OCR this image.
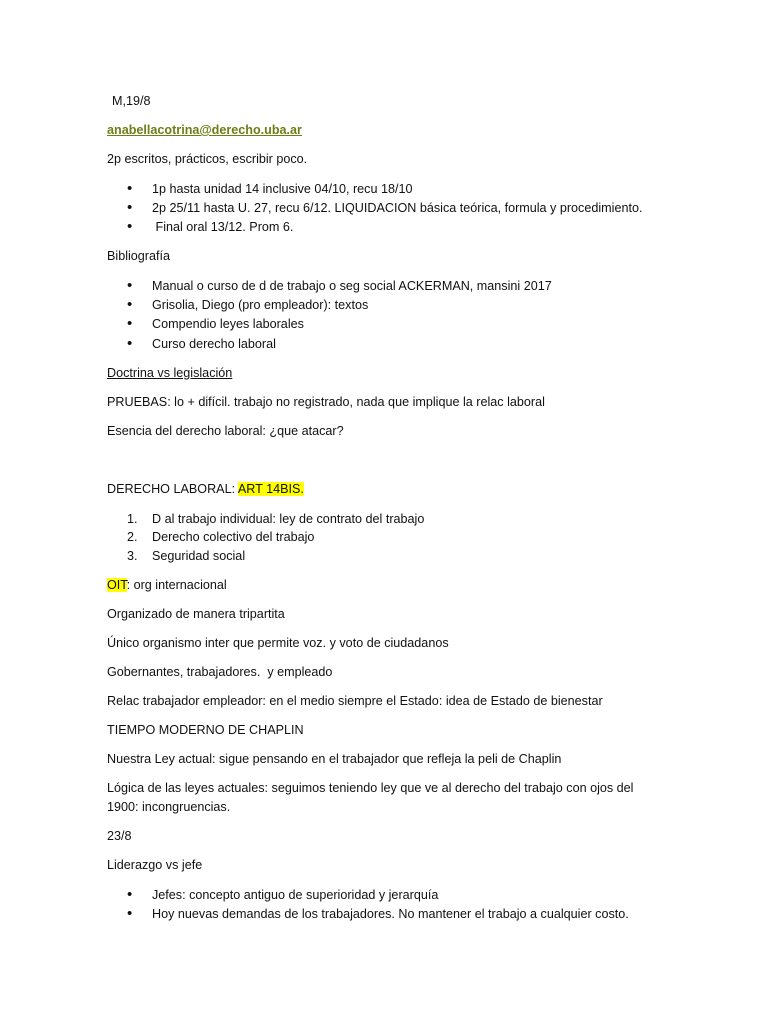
M,19/8
anabellacotrina@derecho.uba.ar
2p escritos, prácticos, escribir poco.
•
1p hasta unidad 14 inclusive 04/10, recu 18/10
•
2p 25/11 hasta U. 27, recu 6/12. LIQUIDACION básica teórica, formula y procedimiento.
•
Final oral 13/12. Prom 6.
Bibliografía
•
Manual o curso de d de trabajo o seg social ACKERMAN, mansini 2017
•
Grisolia, Diego (pro empleador): textos
•
Compendio leyes laborales
•
Curso derecho laboral
Doctrina vs legislación
PRUEBAS: lo + difícil. trabajo no registrado, nada que implique la relac laboral
Esencia del derecho laboral: ¿que atacar?
DERECHO LABORAL: ART 14BIS.
1. D al trabajo individual: ley de contrato del trabajo
2. Derecho colectivo del trabajo
3. Seguridad social
OIT: org internacional
Organizado de manera tripartita
Único organismo inter que permite voz. y voto de ciudadanos
Gobernantes, trabajadores.  y empleado
Relac trabajador empleador: en el medio siempre el Estado: idea de Estado de bienestar
TIEMPO MODERNO DE CHAPLIN
Nuestra Ley actual: sigue pensando en el trabajador que refleja la peli de Chaplin
Lógica de las leyes actuales: seguimos teniendo ley que ve al derecho del trabajo con ojos del
1900: incongruencias.
23/8
Liderazgo vs jefe
•
Jefes: concepto antiguo de superioridad y jerarquía
•
Hoy nuevas demandas de los trabajadores. No mantener el trabajo a cualquier costo.
